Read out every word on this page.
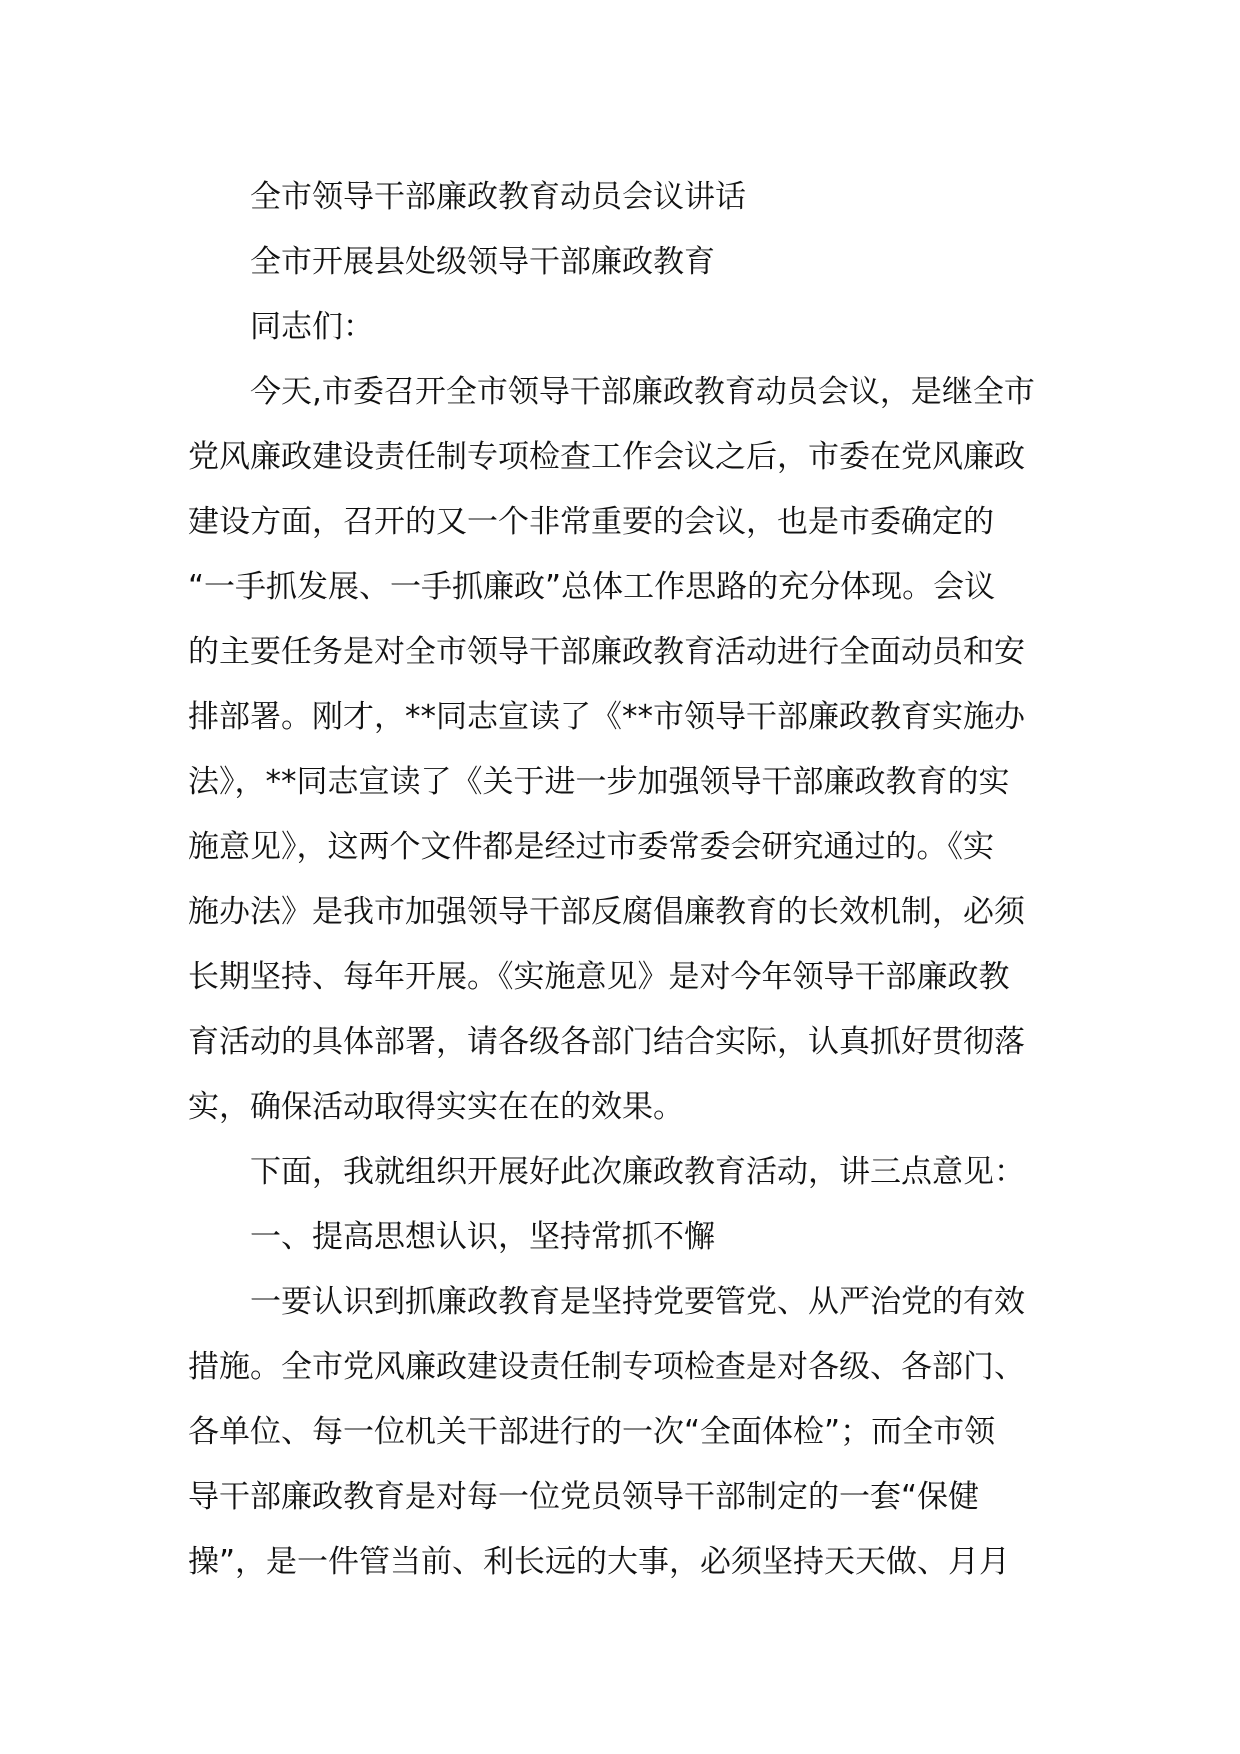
全市领导干部廉政教育动员会议讲话

全市开展县处级领导干部廉政教育

同志们：

今天,市委召开全市领导干部廉政教育动员会议，是继全市
党风廉政建设责任制专项检查工作会议之后，市委在党风廉政
建设方面，召开的又一个非常重要的会议，也是市委确定的
“一手抓发展、一手抓廉政”总体工作思路的充分体现。会议
的主要任务是对全市领导干部廉政教育活动进行全面动员和安
排部署。刚才，**同志宣读了《**市领导干部廉政教育实施办
法》，**同志宣读了《关于进一步加强领导干部廉政教育的实
施意见》，这两个文件都是经过市委常委会研究通过的。《实
施办法》是我市加强领导干部反腐倡廉教育的长效机制，必须
长期坚持、每年开展。《实施意见》是对今年领导干部廉政教
育活动的具体部署，请各级各部门结合实际，认真抓好贯彻落
实，确保活动取得实实在在的效果。

下面，我就组织开展好此次廉政教育活动，讲三点意见：

一、提高思想认识，坚持常抓不懈

一要认识到抓廉政教育是坚持党要管党、从严治党的有效
措施。全市党风廉政建设责任制专项检查是对各级、各部门、
各单位、每一位机关干部进行的一次“全面体检”；而全市领
导干部廉政教育是对每一位党员领导干部制定的一套“保健
操”，是一件管当前、利长远的大事，必须坚持天天做、月月
